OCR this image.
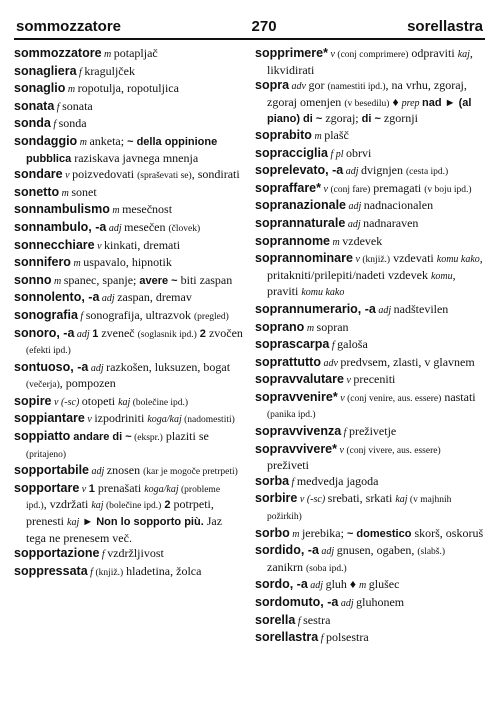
sommozzatore	270	sorellastra
sommozzatore m potapljač
sonagliera f kraguljček
sonaglio m ropotulja, ropotuljica
sonata f sonata
sonda f sonda
sondaggio m anketa; ~ della oppinione pubblica raziskava javnega mnenja
sondare v poizvedovati (spraševati se), sondirati
sonetto m sonet
sonnambulismo m mesečnost
sonnambulo, -a adj mesečen (človek)
sonnecchiare v kinkati, dremati
sonnifero m uspavalo, hipnotik
sonno m spanec, spanje; avere ~ biti zaspan
sonnolento, -a adj zaspan, dremav
sonografia f sonografija, ultrazvok (pregled)
sonoro, -a adj 1 zveneč (soglasnik ipd.) 2 zvočen (efekti ipd.)
sontuoso, -a adj razkošen, luksuzen, bogat (večerja), pompozen
sopire v (-sc) otopeti kaj (bolečine ipd.)
soppiantare v izpodriniti koga/kaj (nadomestiti)
soppiatto andare di ~ (ekspr.) plaziti se (pritajeno)
sopportabile adj znosen (kar je mogoče pretrpeti)
sopportare v 1 prenašati koga/kaj (probleme ipd.), vzdržati kaj (bolečine ipd.) 2 potrpeti, prenesti kaj ► Non lo sopporto più. Jaz tega ne prenesem več.
sopportazione f vzdržljivost
soppressata f (knjiž.) hladetina, žolca
sopprimere* v (conj comprimere) odpraviti kaj, likvidirati
sopra adv gor (namestiti ipd.), na vrhu, zgoraj, zgoraj omenjen (v besedilu) ♦ prep nad ► (al piano) di ~ zgoraj; di ~ zgornji
soprabito m plašč
sopracciglia f pl obrvi
soprelevato, -a adj dvignjen (cesta ipd.)
sopraffare* v (conj fare) premagati (v boju ipd.)
sopranazionale adj nadnacionalen
soprannaturale adj nadnaraven
soprannome m vzdevek
soprannominare v (knjiž.) vzdevati komu kako, pritakniti/prilepiti/nadeti vzdevek komu, praviti komu kako
soprannumerario, -a adj nadštevilen
soprano m sopran
soprascarpa f galoša
soprattutto adv predvsem, zlasti, v glavnem
sopravvalutare v preceniti
sopravvenire* v (conj venire, aus. essere) nastati (panika ipd.)
sopravvivenza f preživetje
sopravvivere* v (conj vivere, aus. essere) preživeti
sorba f medvedja jagoda
sorbire v (-sc) srebati, srkati kaj (v majhnih požirkih)
sorbo m jerebika; ~ domestico skorš, oskoruš
sordido, -a adj gnusen, ogaben, (slabš.) zanikrn (soba ipd.)
sordo, -a adj gluh ♦ m glušec
sordomuto, -a adj gluhonem
sorella f sestra
sorellastra f polsestra
